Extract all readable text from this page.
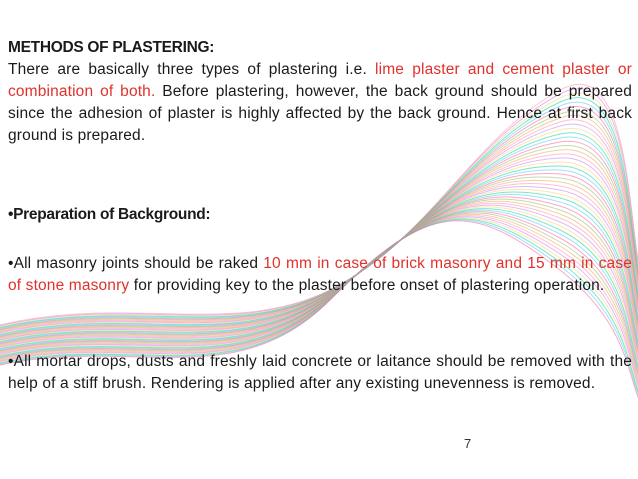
METHODS OF PLASTERING:
There are basically three types of plastering i.e. lime plaster and cement plaster or combination of both. Before plastering, however, the back ground should be prepared since the adhesion of plaster is highly affected by the back ground. Hence at first back ground is prepared.
•Preparation of Background:
•All masonry joints should be raked 10 mm in case of brick masonry and 15 mm in case of stone masonry for providing key to the plaster before onset of plastering operation.
•All mortar drops, dusts and freshly laid concrete or laitance should be removed with the help of a stiff brush. Rendering is applied after any existing unevenness is removed.
7
